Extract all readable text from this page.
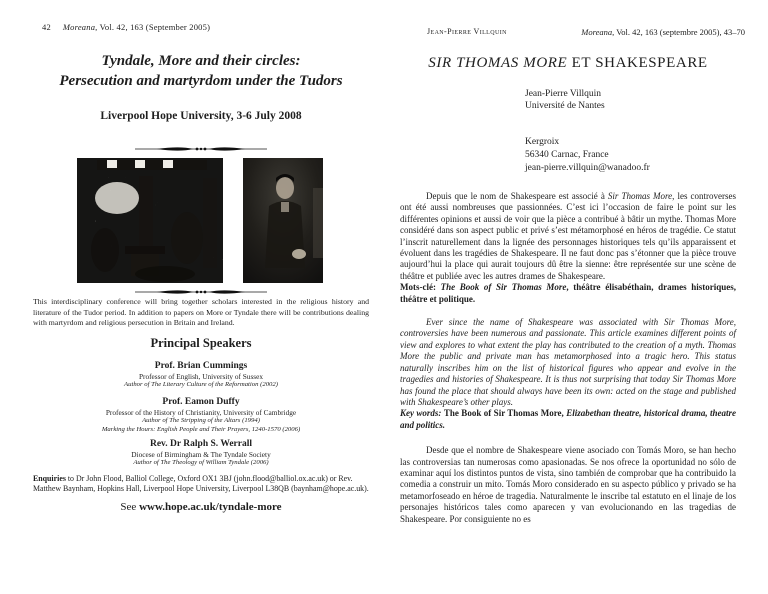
42 Moreana, Vol. 42, 163 (September 2005)
Tyndale, More and their circles:
Persecution and martyrdom under the Tudors
Liverpool Hope University, 3-6 July 2008
This interdisciplinary conference will bring together scholars interested in the religious history and literature of the Tudor period. In addition to papers on More or Tyndale there will be contributions dealing with martyrdom and religious persecution in Britain and Ireland.
Principal Speakers
Prof. Brian Cummings
Professor of English, University of Sussex
Author of The Literary Culture of the Reformation (2002)
Prof. Eamon Duffy
Professor of the History of Christianity, University of Cambridge
Author of The Stripping of the Altars (1994)
Marking the Hours: English People and Their Prayers, 1240-1570 (2006)
Rev. Dr Ralph S. Werrall
Diocese of Birmingham & The Tyndale Society
Author of The Theology of William Tyndale (2006)
Enquiries to Dr John Flood, Balliol College, Oxford OX1 3BJ (john.flood@balliol.ox.ac.uk) or Rev. Matthew Baynham, Hopkins Hall, Liverpool Hope University, Liverpool L38QB (baynham@hope.ac.uk).
See www.hope.ac.uk/tyndale-more
Jean-Pierre Villquin	Moreana, Vol. 42, 163 (septembre 2005), 43–70
SIR THOMAS MORE ET SHAKESPEARE
Jean-Pierre Villquin
Université de Nantes
Kergroix
56340 Carnac, France
jean-pierre.villquin@wanadoo.fr

Depuis que le nom de Shakespeare est associé à Sir Thomas More, les controverses ont été aussi nombreuses que passionnées. C’est ici l’occasion de faire le point sur les différentes opinions et aussi de voir que la pièce a contribué à bâtir un mythe. Thomas More considéré dans son aspect public et privé s’est métamorphosé en héros de tragédie. Ce statut l’inscrit naturellement dans la lignée des personnages historiques tels qu’ils apparaissent et évoluent dans les tragédies de Shakespeare. Il ne faut donc pas s’étonner que la pièce trouve aujourd’hui la place qui aurait toujours dû être la sienne: être représentée sur une scène de théâtre et publiée avec les autres drames de Shakespeare.

Mots-clé: The Book of Sir Thomas More, théâtre élisabéthain, drames historiques, théâtre et politique.

Ever since the name of Shakespeare was associated with Sir Thomas More, controversies have been numerous and passionate. This article examines different points of view and explores to what extent the play has contributed to the creation of a myth. Thomas More the public and private man has metamorphosed into a tragic hero. This status naturally inscribes him on the list of historical figures who appear and evolve in the tragedies and histories of Shakespeare. It is thus not surprising that today Sir Thomas More has found the place that should always have been its own: acted on the stage and published with Shakespeare’s other plays.

Key words: The Book of Sir Thomas More, Elizabethan theatre, historical drama, theatre and politics.

Desde que el nombre de Shakespeare viene asociado con Tomás Moro, se han hecho las controversias tan numerosas como apasionadas. Se nos ofrece la oportunidad no sólo de examinar aquí los distintos puntos de vista, sino también de comprobar que ha contribuido la comedia a construir un mito. Tomás Moro considerado en su aspecto público y privado se ha metamorfoseado en héroe de tragedia. Naturalmente le inscribe tal estatuto en el linaje de los personajes históricos tales como aparecen y van evolucionando en las tragedias de Shakespeare. Por consiguiente no es
